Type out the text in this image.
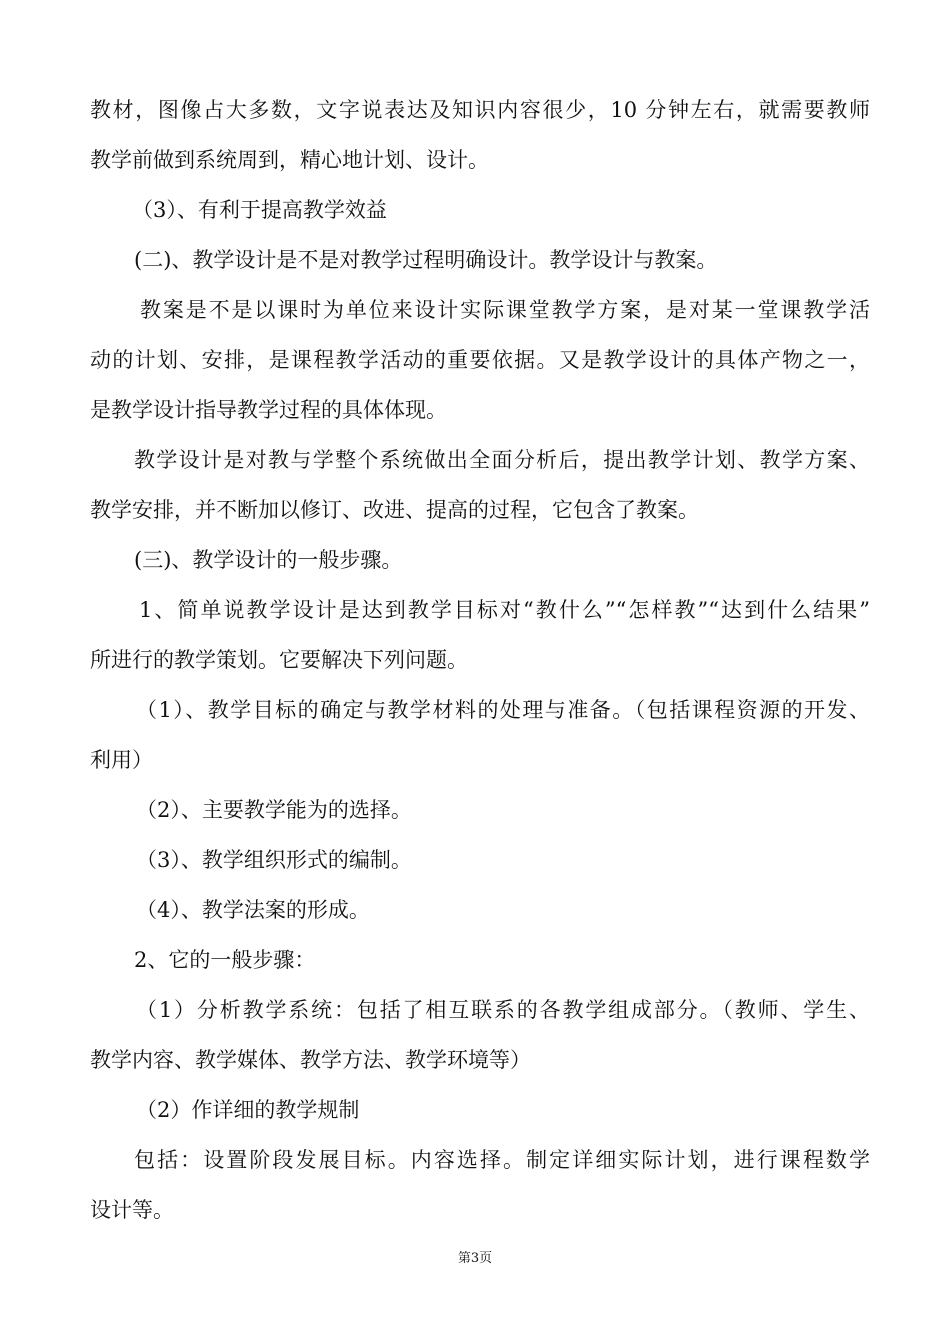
教材，图像占大多数，文字说表达及知识内容很少，10 分钟左右，就需要教师
教学前做到系统周到，精心地计划、设计。
（3）、有利于提高教学效益
(二)、教学设计是不是对教学过程明确设计。教学设计与教案。
教案是不是以课时为单位来设计实际课堂教学方案，是对某一堂课教学活
动的计划、安排，是课程教学活动的重要依据。又是教学设计的具体产物之一，
是教学设计指导教学过程的具体体现。
教学设计是对教与学整个系统做出全面分析后，提出教学计划、教学方案、
教学安排，并不断加以修订、改进、提高的过程，它包含了教案。
(三)、教学设计的一般步骤。
1、简单说教学设计是达到教学目标对“教什么”“怎样教”“达到什么结果”
所进行的教学策划。它要解决下列问题。
（1）、教学目标的确定与教学材料的处理与准备。（包括课程资源的开发、
利用）
（2）、主要教学能为的选择。
（3）、教学组织形式的编制。
（4）、教学法案的形成。
2、它的一般步骤：
（1）分析教学系统：包括了相互联系的各教学组成部分。（教师、学生、
教学内容、教学媒体、教学方法、教学环境等）
（2）作详细的教学规制
包括：设置阶段发展目标。内容选择。制定详细实际计划，进行课程数学
设计等。
第3页
